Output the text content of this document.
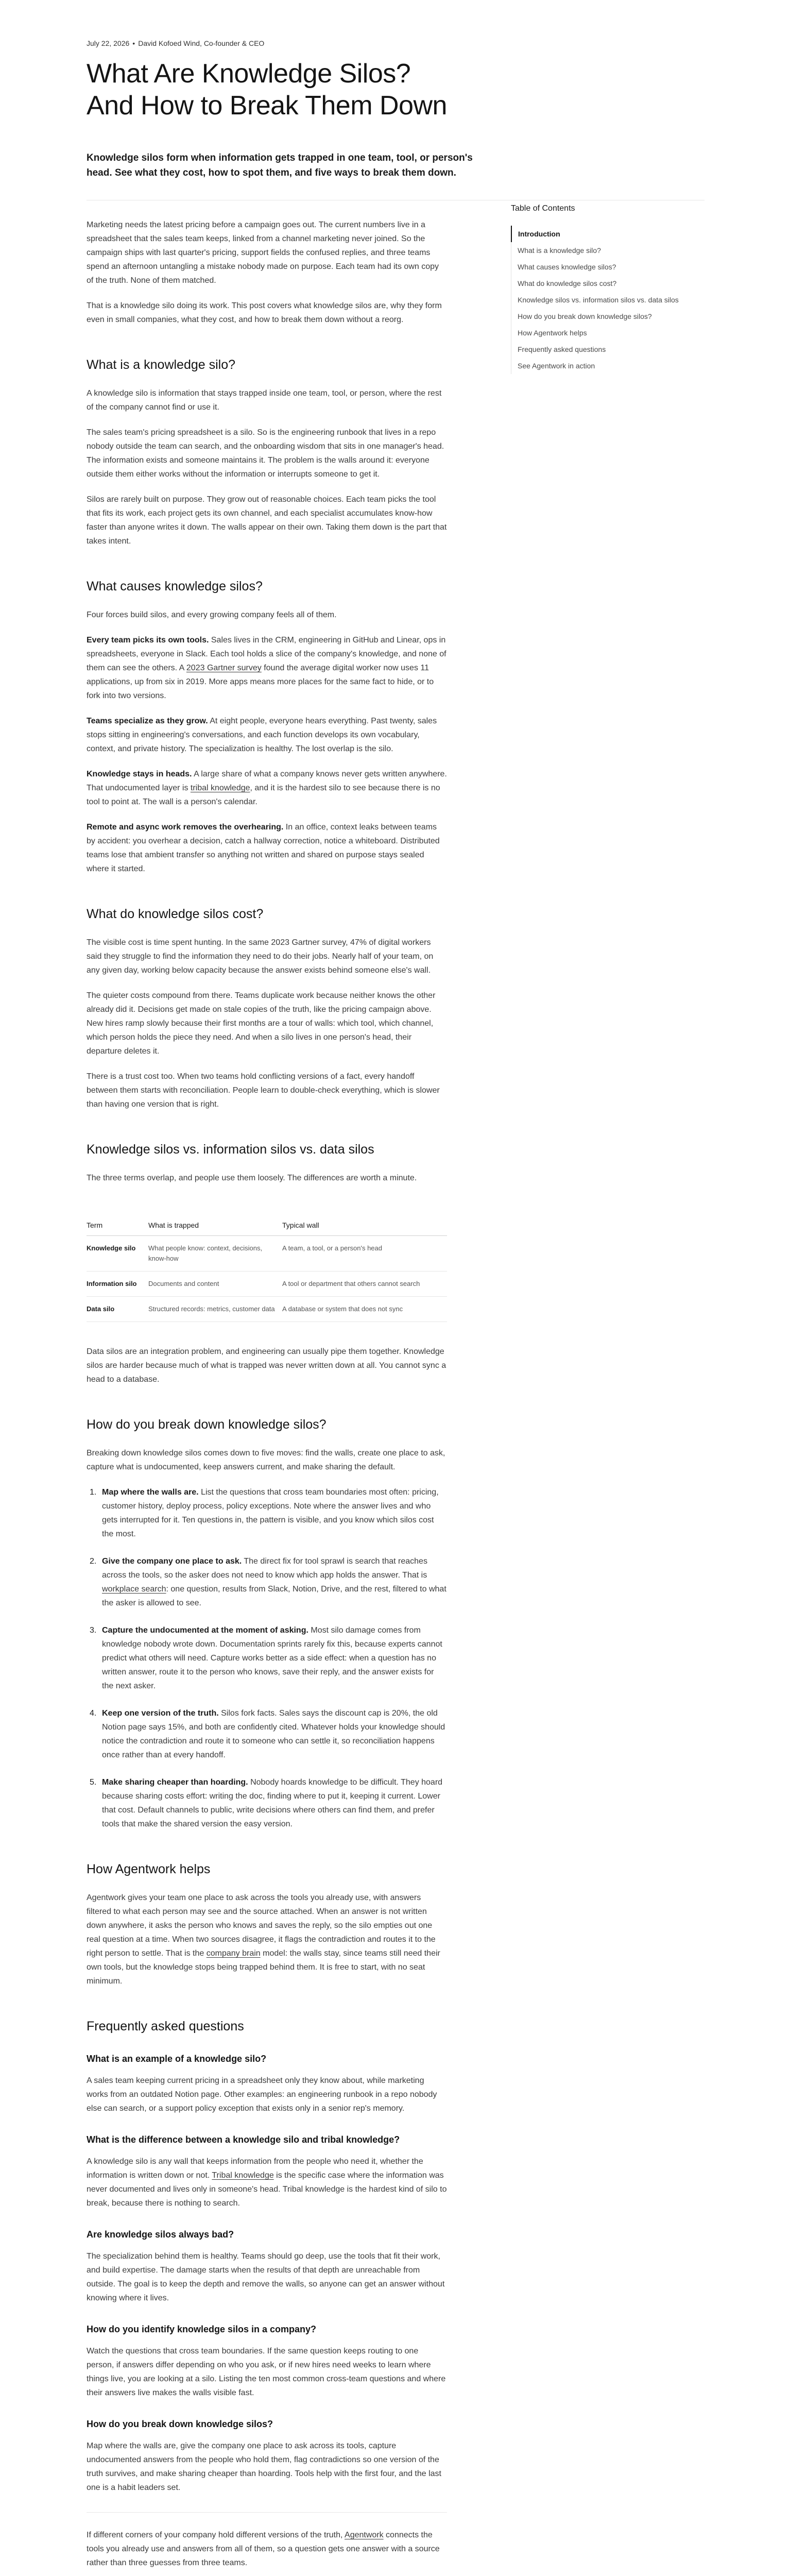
July 22, 2026 • David Kofoed Wind, Co-founder & CEO
What Are Knowledge Silos?
And How to Break Them Down
Knowledge silos form when information gets trapped in one team, tool, or person's head. See what they cost, how to spot them, and five ways to break them down.

Marketing needs the latest pricing before a campaign goes out. The current numbers live in a spreadsheet that the sales team keeps, linked from a channel marketing never joined. So the campaign ships with last quarter's pricing, support fields the confused replies, and three teams spend an afternoon untangling a mistake nobody made on purpose. Each team had its own copy of the truth. None of them matched.

That is a knowledge silo doing its work. This post covers what knowledge silos are, why they form even in small companies, what they cost, and how to break them down without a reorg.

What is a knowledge silo?

A knowledge silo is information that stays trapped inside one team, tool, or person, where the rest of the company cannot find or use it.

The sales team's pricing spreadsheet is a silo. So is the engineering runbook that lives in a repo nobody outside the team can search, and the onboarding wisdom that sits in one manager's head. The information exists and someone maintains it. The problem is the walls around it: everyone outside them either works without the information or interrupts someone to get it.

Silos are rarely built on purpose. They grow out of reasonable choices. Each team picks the tool that fits its work, each project gets its own channel, and each specialist accumulates know-how faster than anyone writes it down. The walls appear on their own. Taking them down is the part that takes intent.

What causes knowledge silos?

Four forces build silos, and every growing company feels all of them.

Every team picks its own tools. Sales lives in the CRM, engineering in GitHub and Linear, ops in spreadsheets, everyone in Slack. Each tool holds a slice of the company's knowledge, and none of them can see the others. A 2023 Gartner survey found the average digital worker now uses 11 applications, up from six in 2019. More apps means more places for the same fact to hide, or to fork into two versions.

Teams specialize as they grow. At eight people, everyone hears everything. Past twenty, sales stops sitting in engineering's conversations, and each function develops its own vocabulary, context, and private history. The specialization is healthy. The lost overlap is the silo.

Knowledge stays in heads. A large share of what a company knows never gets written anywhere. That undocumented layer is tribal knowledge, and it is the hardest silo to see because there is no tool to point at. The wall is a person's calendar.

Remote and async work removes the overhearing. In an office, context leaks between teams by accident: you overhear a decision, catch a hallway correction, notice a whiteboard. Distributed teams lose that ambient transfer so anything not written and shared on purpose stays sealed where it started.

What do knowledge silos cost?

The visible cost is time spent hunting. In the same 2023 Gartner survey, 47% of digital workers said they struggle to find the information they need to do their jobs. Nearly half of your team, on any given day, working below capacity because the answer exists behind someone else's wall.

The quieter costs compound from there. Teams duplicate work because neither knows the other already did it. Decisions get made on stale copies of the truth, like the pricing campaign above. New hires ramp slowly because their first months are a tour of walls: which tool, which channel, which person holds the piece they need. And when a silo lives in one person's head, their departure deletes it.

There is a trust cost too. When two teams hold conflicting versions of a fact, every handoff between them starts with reconciliation. People learn to double-check everything, which is slower than having one version that is right.

Knowledge silos vs. information silos vs. data silos

The three terms overlap, and people use them loosely. The differences are worth a minute.

Term	What is trapped	Typical wall
Knowledge silo	What people know: context, decisions, know-how	A team, a tool, or a person's head
Information silo	Documents and content	A tool or department that others cannot search
Data silo	Structured records: metrics, customer data	A database or system that does not sync

Data silos are an integration problem, and engineering can usually pipe them together. Knowledge silos are harder because much of what is trapped was never written down at all. You cannot sync a head to a database.

How do you break down knowledge silos?

Breaking down knowledge silos comes down to five moves: find the walls, create one place to ask, capture what is undocumented, keep answers current, and make sharing the default.

1. Map where the walls are. List the questions that cross team boundaries most often: pricing, customer history, deploy process, policy exceptions. Note where the answer lives and who gets interrupted for it. Ten questions in, the pattern is visible, and you know which silos cost the most.
2. Give the company one place to ask. The direct fix for tool sprawl is search that reaches across the tools, so the asker does not need to know which app holds the answer. That is workplace search: one question, results from Slack, Notion, Drive, and the rest, filtered to what the asker is allowed to see.
3. Capture the undocumented at the moment of asking. Most silo damage comes from knowledge nobody wrote down. Documentation sprints rarely fix this, because experts cannot predict what others will need. Capture works better as a side effect: when a question has no written answer, route it to the person who knows, save their reply, and the answer exists for the next asker.
4. Keep one version of the truth. Silos fork facts. Sales says the discount cap is 20%, the old Notion page says 15%, and both are confidently cited. Whatever holds your knowledge should notice the contradiction and route it to someone who can settle it, so reconciliation happens once rather than at every handoff.
5. Make sharing cheaper than hoarding. Nobody hoards knowledge to be difficult. They hoard because sharing costs effort: writing the doc, finding where to put it, keeping it current. Lower that cost. Default channels to public, write decisions where others can find them, and prefer tools that make the shared version the easy version.
How Agentwork helps

Agentwork gives your team one place to ask across the tools you already use, with answers filtered to what each person may see and the source attached. When an answer is not written down anywhere, it asks the person who knows and saves the reply, so the silo empties out one real question at a time. When two sources disagree, it flags the contradiction and routes it to the right person to settle. That is the company brain model: the walls stay, since teams still need their own tools, but the knowledge stops being trapped behind them. It is free to start, with no seat minimum.

Frequently asked questions
What is an example of a knowledge silo?

A sales team keeping current pricing in a spreadsheet only they know about, while marketing works from an outdated Notion page. Other examples: an engineering runbook in a repo nobody else can search, or a support policy exception that exists only in a senior rep's memory.

What is the difference between a knowledge silo and tribal knowledge?

A knowledge silo is any wall that keeps information from the people who need it, whether the information is written down or not. Tribal knowledge is the specific case where the information was never documented and lives only in someone's head. Tribal knowledge is the hardest kind of silo to break, because there is nothing to search.

Are knowledge silos always bad?

The specialization behind them is healthy. Teams should go deep, use the tools that fit their work, and build expertise. The damage starts when the results of that depth are unreachable from outside. The goal is to keep the depth and remove the walls, so anyone can get an answer without knowing where it lives.

How do you identify knowledge silos in a company?

Watch the questions that cross team boundaries. If the same question keeps routing to one person, if answers differ depending on who you ask, or if new hires need weeks to learn where things live, you are looking at a silo. Listing the ten most common cross-team questions and where their answers live makes the walls visible fast.

How do you break down knowledge silos?

Map where the walls are, give the company one place to ask across its tools, capture undocumented answers from the people who hold them, flag contradictions so one version of the truth survives, and make sharing cheaper than hoarding. Tools help with the first four, and the last one is a habit leaders set.

If different corners of your company hold different versions of the truth, Agentwork connects the tools you already use and answers from all of them, so a question gets one answer with a source rather than three guesses from three teams.

Table of Contents
Introduction
What is a knowledge silo?
What causes knowledge silos?
What do knowledge silos cost?
Knowledge silos vs. information silos vs. data silos
How do you break down knowledge silos?
How Agentwork helps
Frequently asked questions
See Agentwork in action
